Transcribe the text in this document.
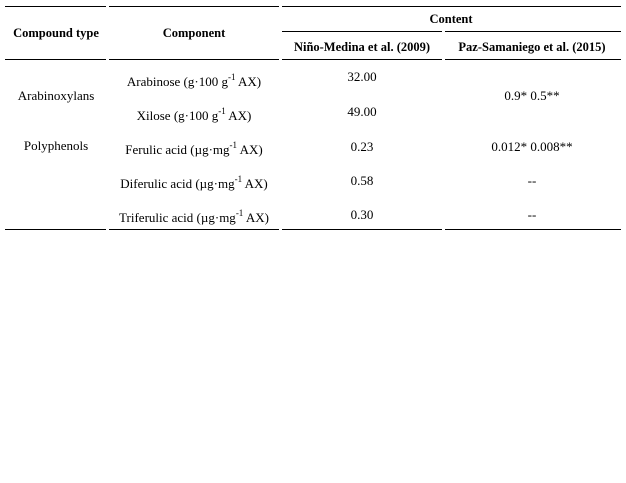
Compound type	Component
Content
Niño-Medina et al. (2009) Paz-Samaniego et al. (2015)
Arabinoxylans
Polyphenols
Arabinose (g·100 $g^{-1}$ AX)
Xilose (g·100 $g^{-1}$ AX)
Ferulic acid ($\mu g\cdot mg^{-1}$ AX)
Diferulic acid ($\mu g\cdot mg^{-1}$ AX)
Triferulic acid ($\mu g\cdot mg^{-1}$ AX)
32.00
49.00
0.23
0.58
0.30
0.9* 0.5**
0.012* 0.008**
--
--
